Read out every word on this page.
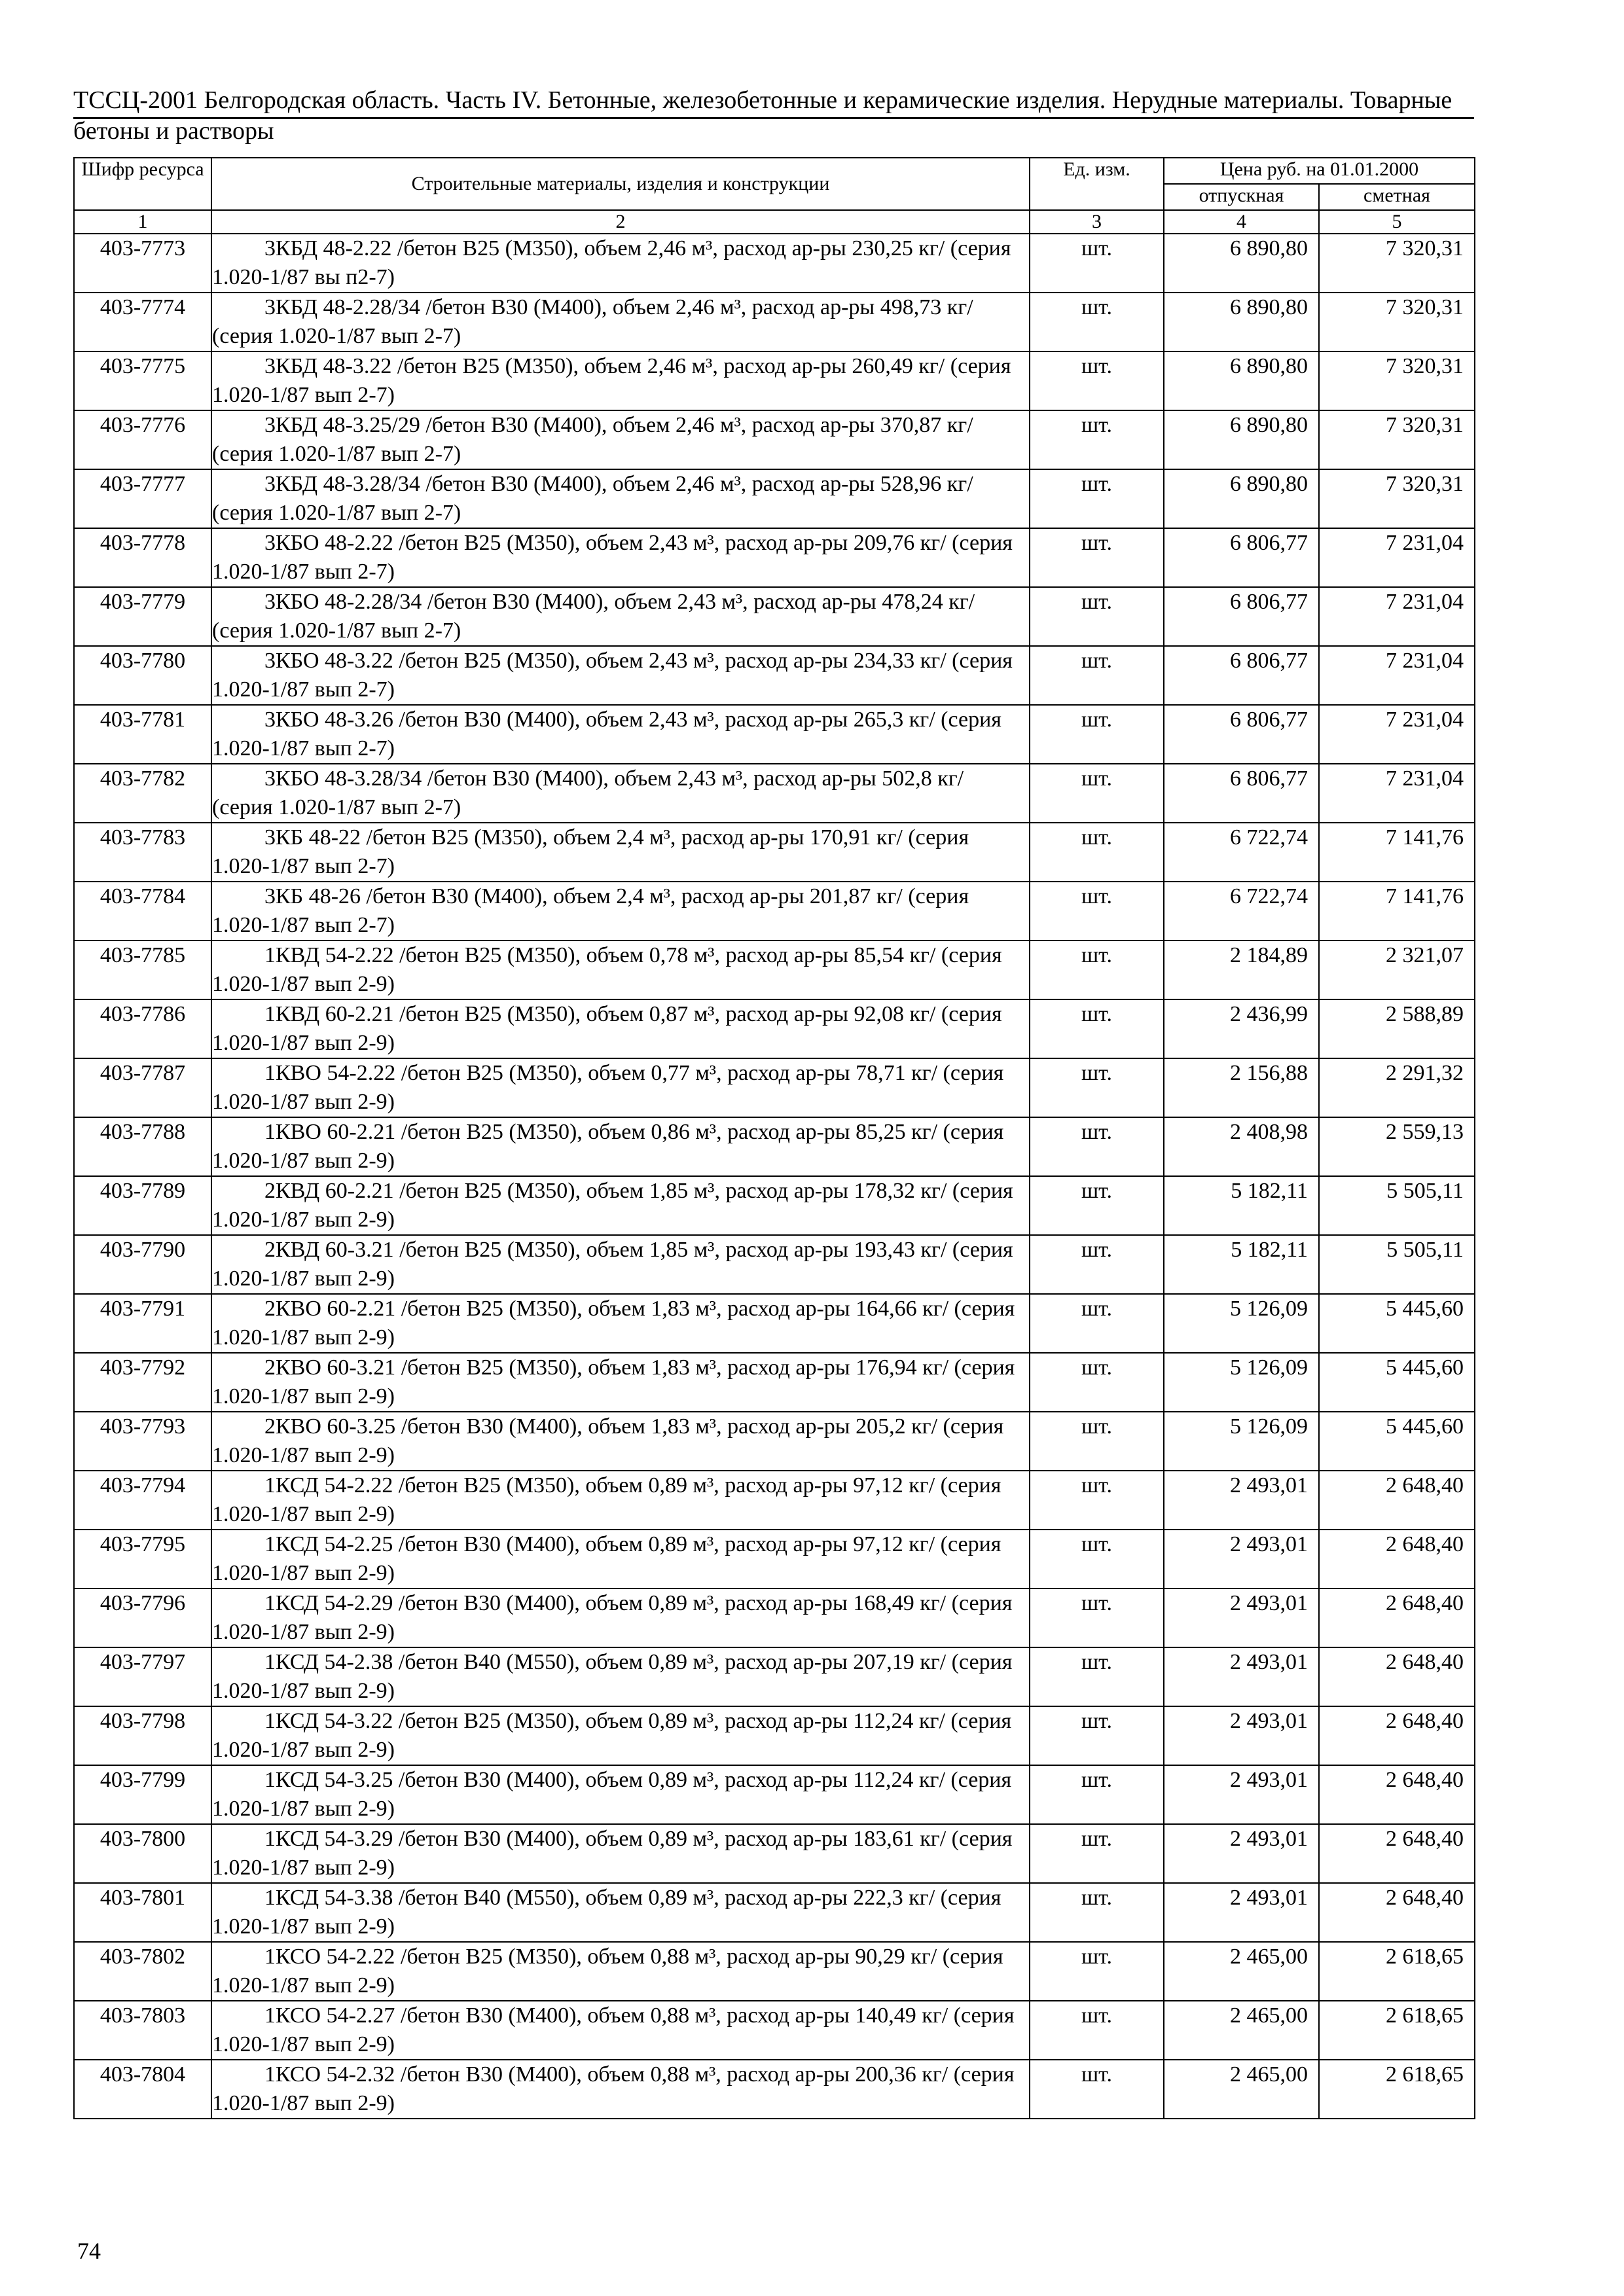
ТССЦ-2001 Белгородская область. Часть IV. Бетонные, железобетонные и керамические изделия. Нерудные материалы. Товарные бетоны и растворы
Шифр ресурса	Строительные материалы, изделия и конструкции	Ед. изм.	Цена руб. на 01.01.2000	
			отпускная	сметная
1	2	3	4	5
403-7773	3КБД 48-2.22 /бетон В25 (М350), объем 2,46 м³, расход ар-ры 230,25 кг/ (серия 1.020-1/87 вы п2-7)	шт.	6 890,80	7 320,31
403-7774	3КБД 48-2.28/34 /бетон В30 (М400), объем 2,46 м³, расход ар-ры 498,73 кг/ (серия 1.020-1/87 вып 2-7)	шт.	6 890,80	7 320,31
403-7775	3КБД 48-3.22 /бетон В25 (М350), объем 2,46 м³, расход ар-ры 260,49 кг/ (серия 1.020-1/87 вып 2-7)	шт.	6 890,80	7 320,31
403-7776	3КБД 48-3.25/29 /бетон В30 (М400), объем 2,46 м³, расход ар-ры 370,87 кг/ (серия 1.020-1/87 вып 2-7)	шт.	6 890,80	7 320,31
403-7777	3КБД 48-3.28/34 /бетон В30 (М400), объем 2,46 м³, расход ар-ры 528,96 кг/ (серия 1.020-1/87 вып 2-7)	шт.	6 890,80	7 320,31
403-7778	3КБО 48-2.22 /бетон В25 (М350), объем 2,43 м³, расход ар-ры 209,76 кг/ (серия 1.020-1/87 вып 2-7)	шт.	6 806,77	7 231,04
403-7779	3КБО 48-2.28/34 /бетон В30 (М400), объем 2,43 м³, расход ар-ры 478,24 кг/ (серия 1.020-1/87 вып 2-7)	шт.	6 806,77	7 231,04
403-7780	3КБО 48-3.22 /бетон В25 (М350), объем 2,43 м³, расход ар-ры 234,33 кг/ (серия 1.020-1/87 вып 2-7)	шт.	6 806,77	7 231,04
403-7781	3КБО 48-3.26 /бетон В30 (М400), объем 2,43 м³, расход ар-ры 265,3 кг/ (серия 1.020-1/87 вып 2-7)	шт.	6 806,77	7 231,04
403-7782	3КБО 48-3.28/34 /бетон В30 (М400), объем 2,43 м³, расход ар-ры 502,8 кг/ (серия 1.020-1/87 вып 2-7)	шт.	6 806,77	7 231,04
403-7783	3КБ 48-22 /бетон В25 (М350), объем 2,4 м³, расход ар-ры 170,91 кг/ (серия 1.020-1/87 вып 2-7)	шт.	6 722,74	7 141,76
403-7784	3КБ 48-26 /бетон В30 (М400), объем 2,4 м³, расход ар-ры 201,87 кг/ (серия 1.020-1/87 вып 2-7)	шт.	6 722,74	7 141,76
403-7785	1КВД 54-2.22 /бетон В25 (М350), объем 0,78 м³, расход ар-ры 85,54 кг/ (серия 1.020-1/87 вып 2-9)	шт.	2 184,89	2 321,07
403-7786	1КВД 60-2.21 /бетон В25 (М350), объем 0,87 м³, расход ар-ры 92,08 кг/ (серия 1.020-1/87 вып 2-9)	шт.	2 436,99	2 588,89
403-7787	1КВО 54-2.22 /бетон В25 (М350), объем 0,77 м³, расход ар-ры 78,71 кг/ (серия 1.020-1/87 вып 2-9)	шт.	2 156,88	2 291,32
403-7788	1КВО 60-2.21 /бетон В25 (М350), объем 0,86 м³, расход ар-ры 85,25 кг/ (серия 1.020-1/87 вып 2-9)	шт.	2 408,98	2 559,13
403-7789	2КВД 60-2.21 /бетон В25 (М350), объем 1,85 м³, расход ар-ры 178,32 кг/ (серия 1.020-1/87 вып 2-9)	шт.	5 182,11	5 505,11
403-7790	2КВД 60-3.21 /бетон В25 (М350), объем 1,85 м³, расход ар-ры 193,43 кг/ (серия 1.020-1/87 вып 2-9)	шт.	5 182,11	5 505,11
403-7791	2КВО 60-2.21 /бетон В25 (М350), объем 1,83 м³, расход ар-ры 164,66 кг/ (серия 1.020-1/87 вып 2-9)	шт.	5 126,09	5 445,60
403-7792	2КВО 60-3.21 /бетон В25 (М350), объем 1,83 м³, расход ар-ры 176,94 кг/ (серия 1.020-1/87 вып 2-9)	шт.	5 126,09	5 445,60
403-7793	2КВО 60-3.25 /бетон В30 (М400), объем 1,83 м³, расход ар-ры 205,2 кг/ (серия 1.020-1/87 вып 2-9)	шт.	5 126,09	5 445,60
403-7794	1КСД 54-2.22 /бетон В25 (М350), объем 0,89 м³, расход ар-ры 97,12 кг/ (серия 1.020-1/87 вып 2-9)	шт.	2 493,01	2 648,40
403-7795	1КСД 54-2.25 /бетон В30 (М400), объем 0,89 м³, расход ар-ры 97,12 кг/ (серия 1.020-1/87 вып 2-9)	шт.	2 493,01	2 648,40
403-7796	1КСД 54-2.29 /бетон В30 (М400), объем 0,89 м³, расход ар-ры 168,49 кг/ (серия 1.020-1/87 вып 2-9)	шт.	2 493,01	2 648,40
403-7797	1КСД 54-2.38 /бетон В40 (М550), объем 0,89 м³, расход ар-ры 207,19 кг/ (серия 1.020-1/87 вып 2-9)	шт.	2 493,01	2 648,40
403-7798	1КСД 54-3.22 /бетон В25 (М350), объем 0,89 м³, расход ар-ры 112,24 кг/ (серия 1.020-1/87 вып 2-9)	шт.	2 493,01	2 648,40
403-7799	1КСД 54-3.25 /бетон В30 (М400), объем 0,89 м³, расход ар-ры 112,24 кг/ (серия 1.020-1/87 вып 2-9)	шт.	2 493,01	2 648,40
403-7800	1КСД 54-3.29 /бетон В30 (М400), объем 0,89 м³, расход ар-ры 183,61 кг/ (серия 1.020-1/87 вып 2-9)	шт.	2 493,01	2 648,40
403-7801	1КСД 54-3.38 /бетон В40 (М550), объем 0,89 м³, расход ар-ры 222,3 кг/ (серия 1.020-1/87 вып 2-9)	шт.	2 493,01	2 648,40
403-7802	1КСО 54-2.22 /бетон В25 (М350), объем 0,88 м³, расход ар-ры 90,29 кг/ (серия 1.020-1/87 вып 2-9)	шт.	2 465,00	2 618,65
403-7803	1КСО 54-2.27 /бетон В30 (М400), объем 0,88 м³, расход ар-ры 140,49 кг/ (серия 1.020-1/87 вып 2-9)	шт.	2 465,00	2 618,65
403-7804	1КСО 54-2.32 /бетон В30 (М400), объем 0,88 м³, расход ар-ры 200,36 кг/ (серия 1.020-1/87 вып 2-9)	шт.	2 465,00	2 618,65
74
